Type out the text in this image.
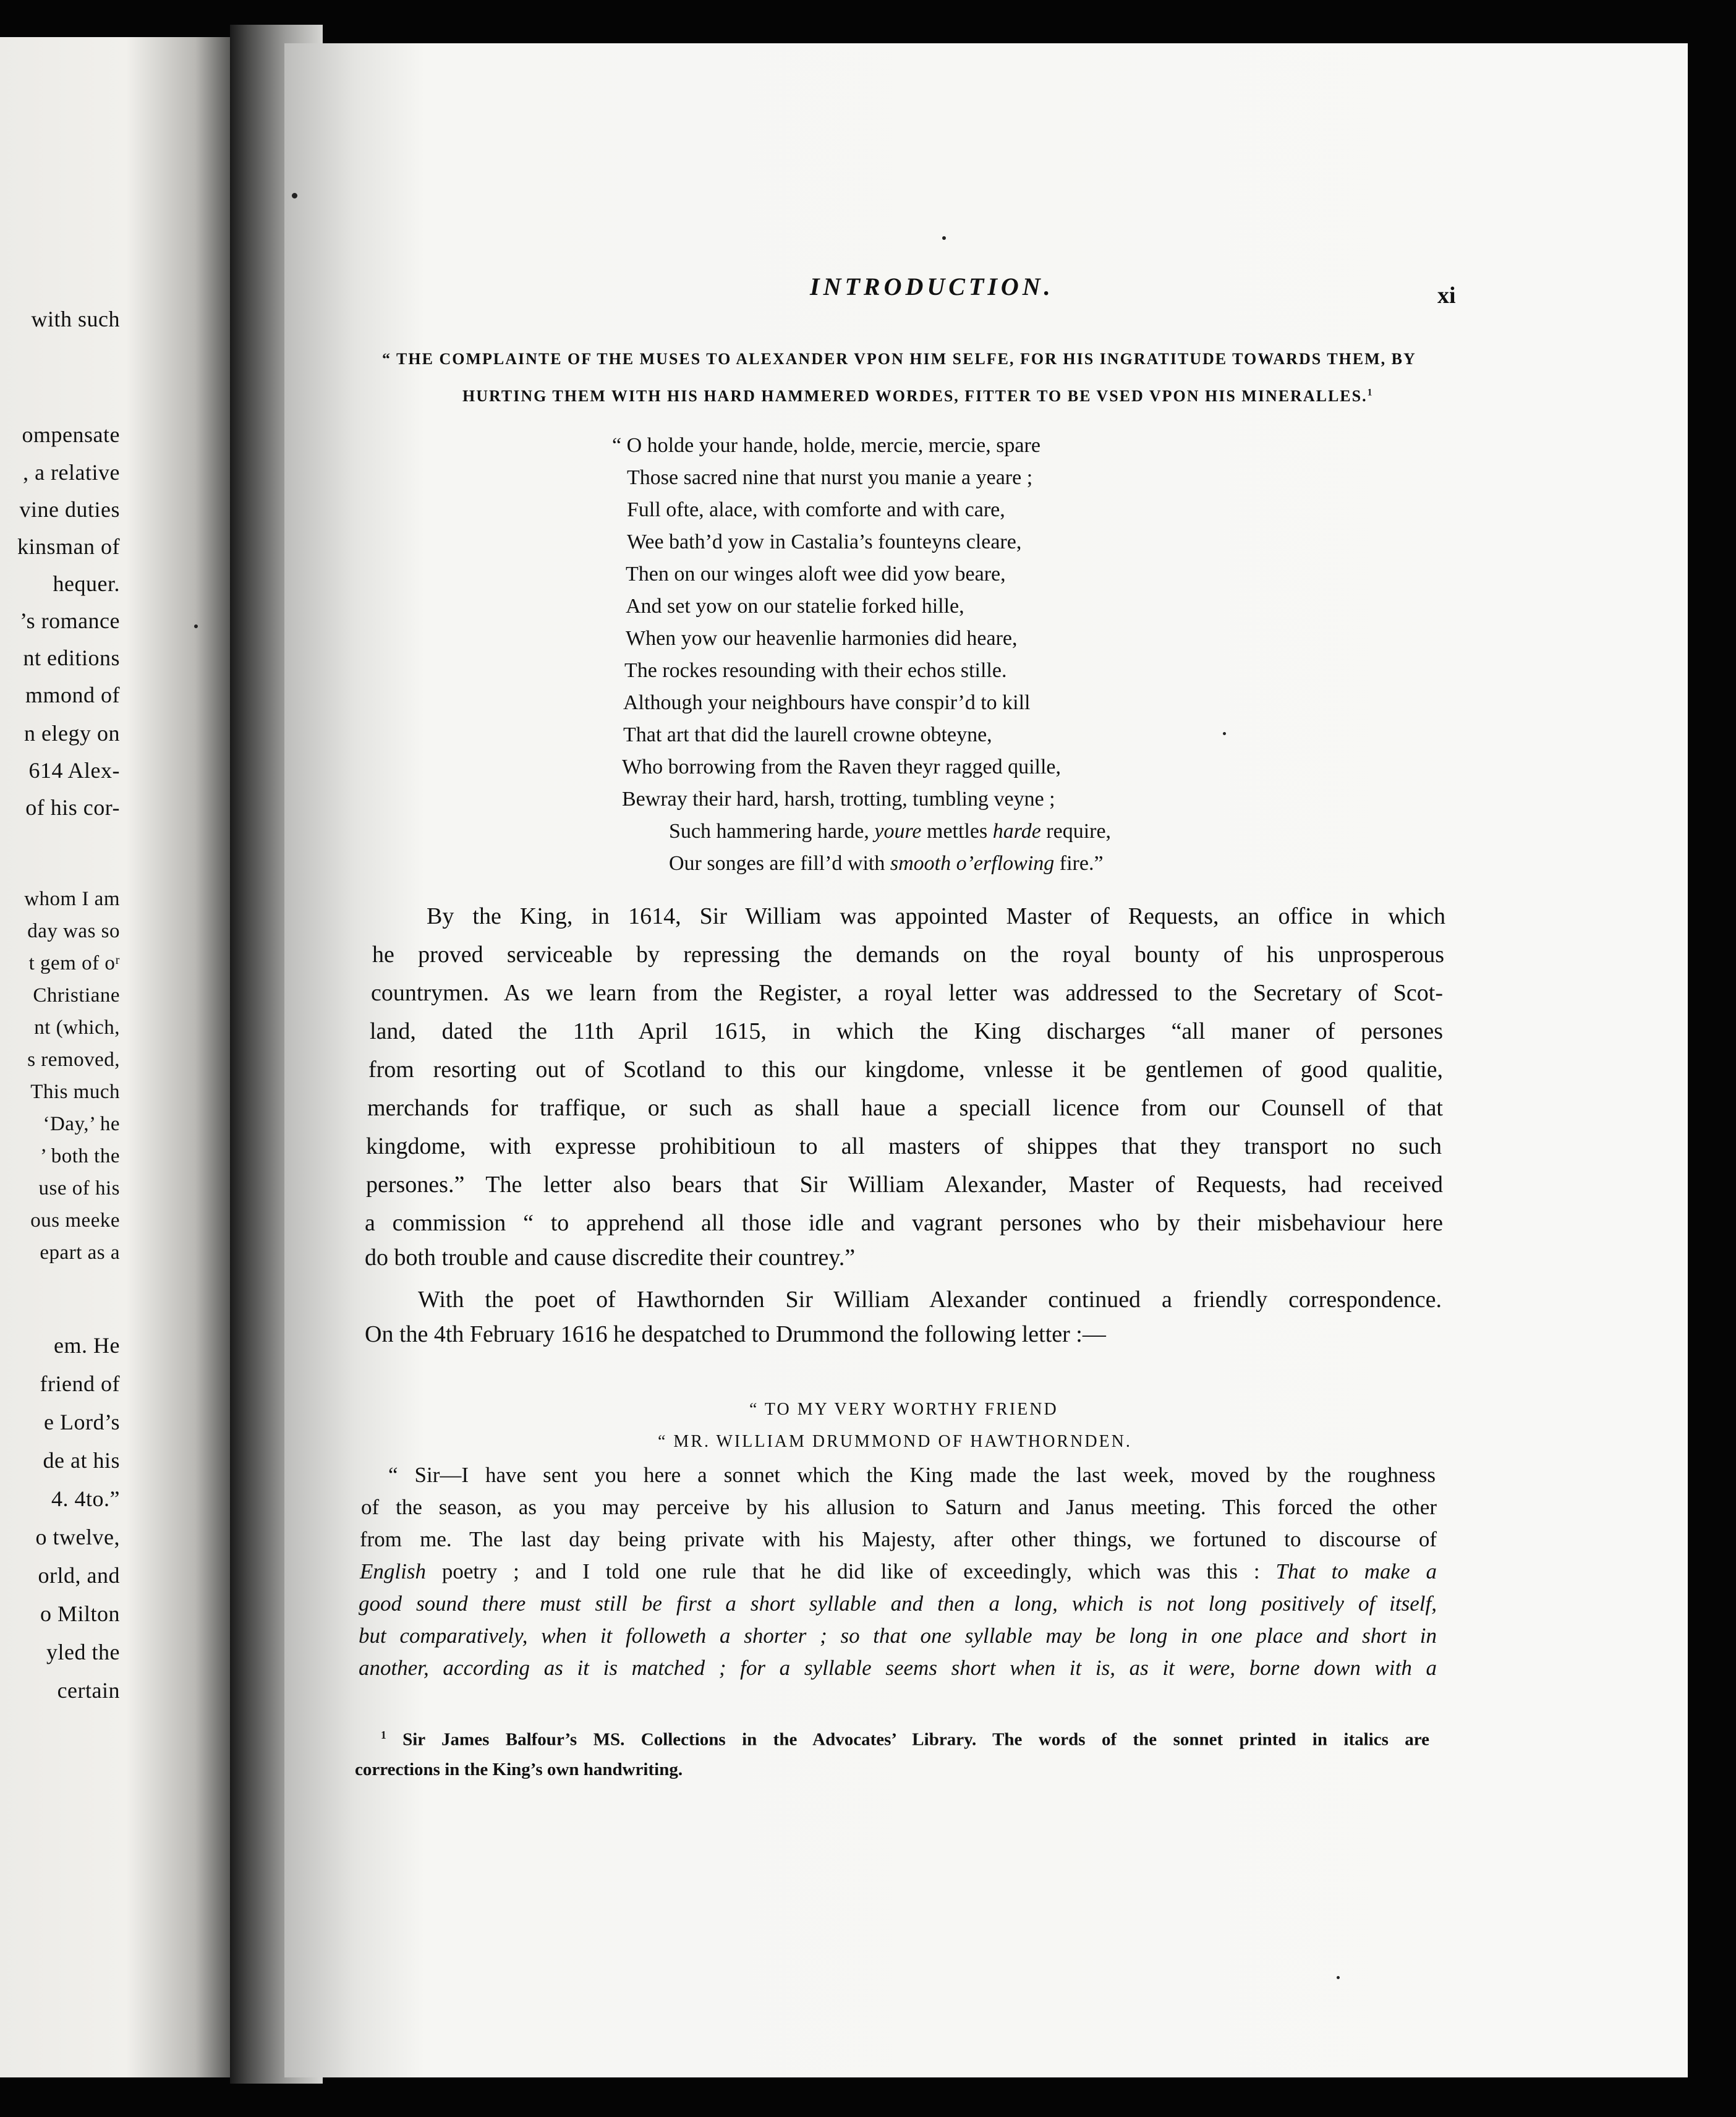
with such
ompensate
, a relative
vine duties
kinsman of
hequer.
’s romance
nt editions
mmond of
n elegy on
614 Alex-
of his cor-
whom I am
day was so
t gem of oʳ
Christiane
nt (which,
s removed,
This much
‘Day,’ he
’ both the
use of his
ous meeke
epart as a
em. He
friend of
e Lord’s
de at his
4. 4to.”
o twelve,
orld, and
o Milton
yled the
certain
INTRODUCTION.	xi
“ THE COMPLAINTE OF THE MUSES TO ALEXANDER VPON HIM SELFE, FOR HIS INGRATITUDE TOWARDS THEM, BY
HURTING THEM WITH HIS HARD HAMMERED WORDES, FITTER TO BE VSED VPON HIS MINERALLES.$^1$
“ O holde your hande, holde, mercie, mercie, spare
Those sacred nine that nurst you manie a yeare ;
Full ofte, alace, with comforte and with care,
Wee bath’d yow in Castalia’s founteyns cleare,
Then on our winges aloft wee did yow beare,
And set yow on our statelie forked hille,
When yow our heavenlie harmonies did heare,
The rockes resounding with their echos stille.
Although your neighbours have conspir’d to kill
That art that did the laurell crowne obteyne,
Who borrowing from the Raven theyr ragged quille,
Bewray their hard, harsh, trotting, tumbling veyne ;
Such hammering harde, youre mettles harde require,
Our songes are fill’d with smooth o’erflowing fire.”
By the King, in 1614, Sir William was appointed Master of Requests, an office in which
he proved serviceable by repressing the demands on the royal bounty of his unprosperous
countrymen. As we learn from the Register, a royal letter was addressed to the Secretary of Scot-
land, dated the 11th April 1615, in which the King discharges “all maner of persones
from resorting out of Scotland to this our kingdome, vnlesse it be gentlemen of good qualitie,
merchands for traffique, or such as shall haue a speciall licence from our Counsell of that
kingdome, with expresse prohibitioun to all masters of shippes that they transport no such
persones.” The letter also bears that Sir William Alexander, Master of Requests, had received
a commission “ to apprehend all those idle and vagrant persones who by their misbehaviour here
do both trouble and cause discredite their countrey.”
With the poet of Hawthornden Sir William Alexander continued a friendly correspondence.
On the 4th February 1616 he despatched to Drummond the following letter :—
“ TO MY VERY WORTHY FRIEND
“ MR. WILLIAM DRUMMOND OF HAWTHORNDEN.
“ Sir—I have sent you here a sonnet which the King made the last week, moved by the roughness
of the season, as you may perceive by his allusion to Saturn and Janus meeting. This forced the other
from me. The last day being private with his Majesty, after other things, we fortuned to discourse of
English poetry ; and I told one rule that he did like of exceedingly, which was this : That to make a
good sound there must still be first a short syllable and then a long, which is not long positively of itself,
but comparatively, when it followeth a shorter ; so that one syllable may be long in one place and short in
another, according as it is matched ; for a syllable seems short when it is, as it were, borne down with a
$^1$ Sir James Balfour’s MS. Collections in the Advocates’ Library. The words of the sonnet printed in italics are
corrections in the King’s own handwriting.
